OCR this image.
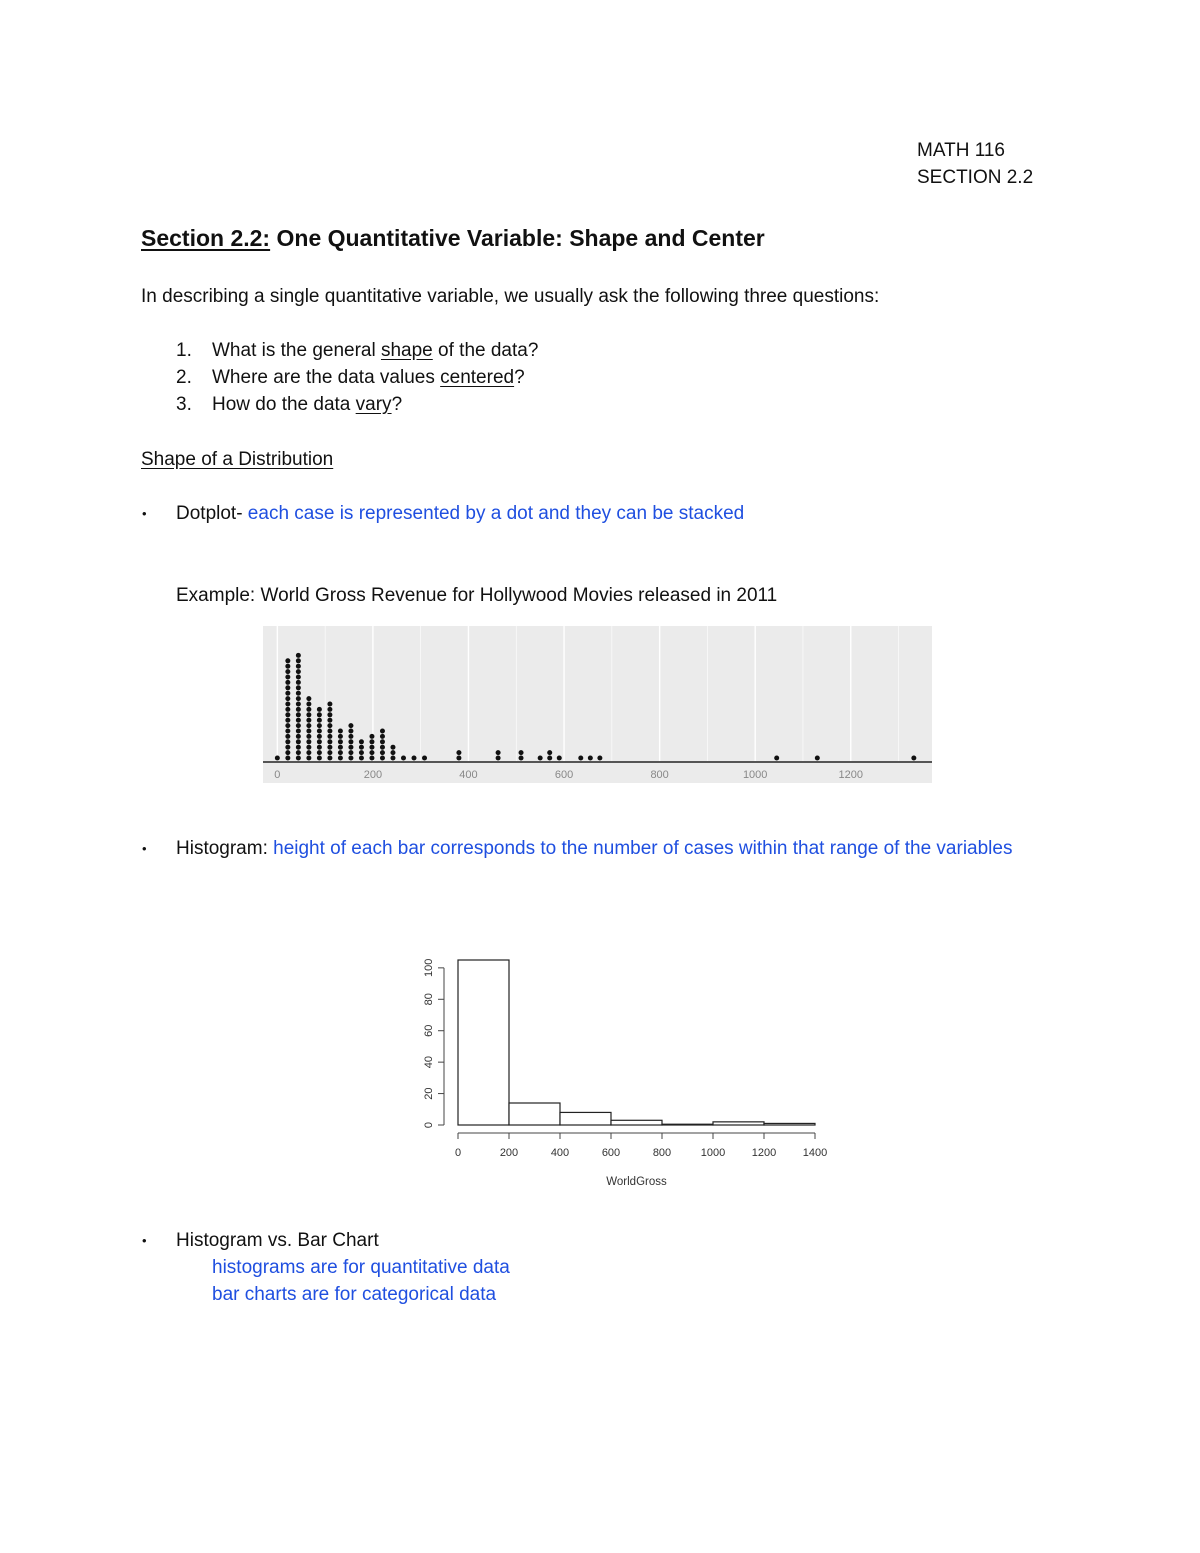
MATH 116
SECTION 2.2
Section 2.2: One Quantitative Variable: Shape and Center
In describing a single quantitative variable, we usually ask the following three questions:
1. What is the general shape of the data?
2. Where are the data values centered?
3. How do the data vary?
Shape of a Distribution
• Dotplot- each case is represented by a dot and they can be stacked
Example: World Gross Revenue for Hollywood Movies released in 2011
0	200	400	600	800	1000	1200
• Histogram: height of each bar corresponds to the number of cases within that range of the variables
0	200	400	600	800	1000 1200 1400
WorldGross
0
20
40
60
80
100
• Histogram vs. Bar Chart
histograms are for quantitative data
bar charts are for categorical data
